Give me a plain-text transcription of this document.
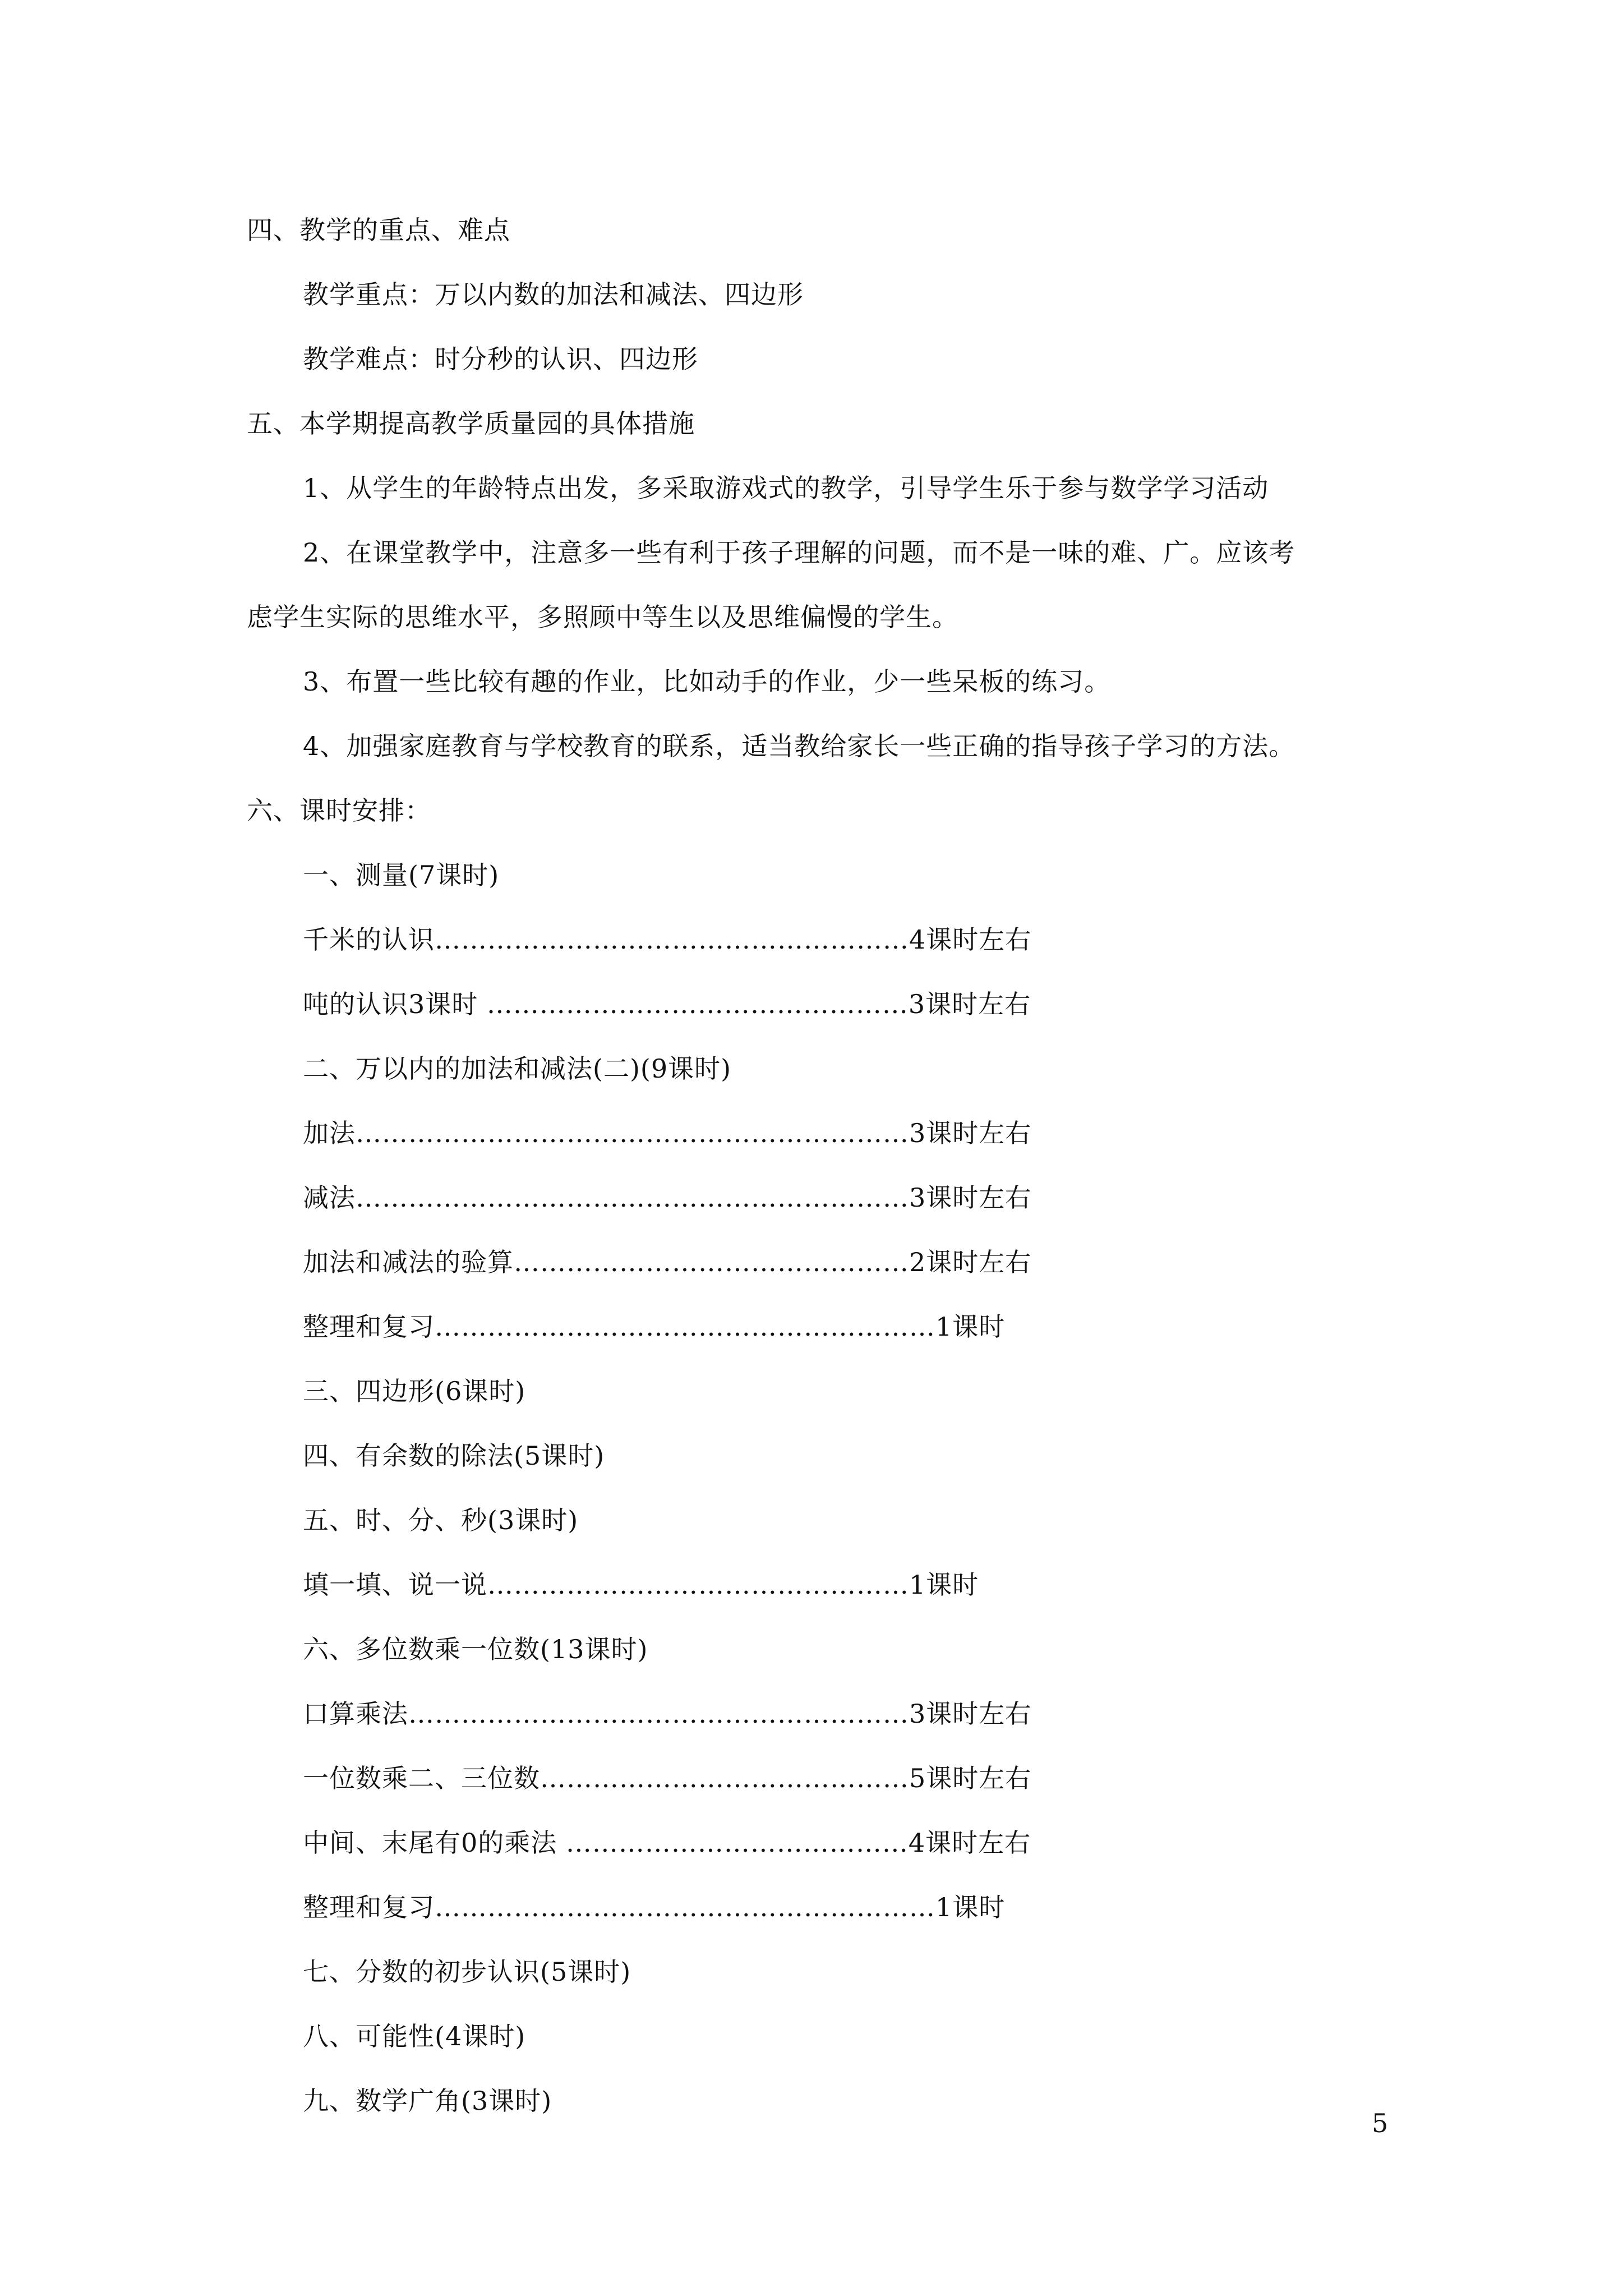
四、教学的重点、难点
教学重点：万以内数的加法和减法、四边形
教学难点：时分秒的认识、四边形
五、本学期提高教学质量园的具体措施
1、从学生的年龄特点出发，多采取游戏式的教学，引导学生乐于参与数学学习活动
2、在课堂教学中，注意多一些有利于孩子理解的问题，而不是一味的难、广。应该考
虑学生实际的思维水平，多照顾中等生以及思维偏慢的学生。
3、布置一些比较有趣的作业，比如动手的作业，少一些呆板的练习。
4、加强家庭教育与学校教育的联系，适当教给家长一些正确的指导孩子学习的方法。
六、课时安排：
一、测量(7课时)
千米的认识………………………………………………4课时左右
吨的认识3课时 …………………………………………3课时左右
二、万以内的加法和减法(二)(9课时)
加法………………………………………………………3课时左右
减法………………………………………………………3课时左右
加法和减法的验算………………………………………2课时左右
整理和复习…………………………………………………1课时
三、四边形(6课时)
四、有余数的除法(5课时)
五、时、分、秒(3课时)
填一填、说一说…………………………………………1课时
六、多位数乘一位数(13课时)
口算乘法…………………………………………………3课时左右
一位数乘二、三位数……………………………………5课时左右
中间、末尾有0的乘法 …………………………………4课时左右
整理和复习…………………………………………………1课时
七、分数的初步认识(5课时)
八、可能性(4课时)
九、数学广角(3课时)
5
